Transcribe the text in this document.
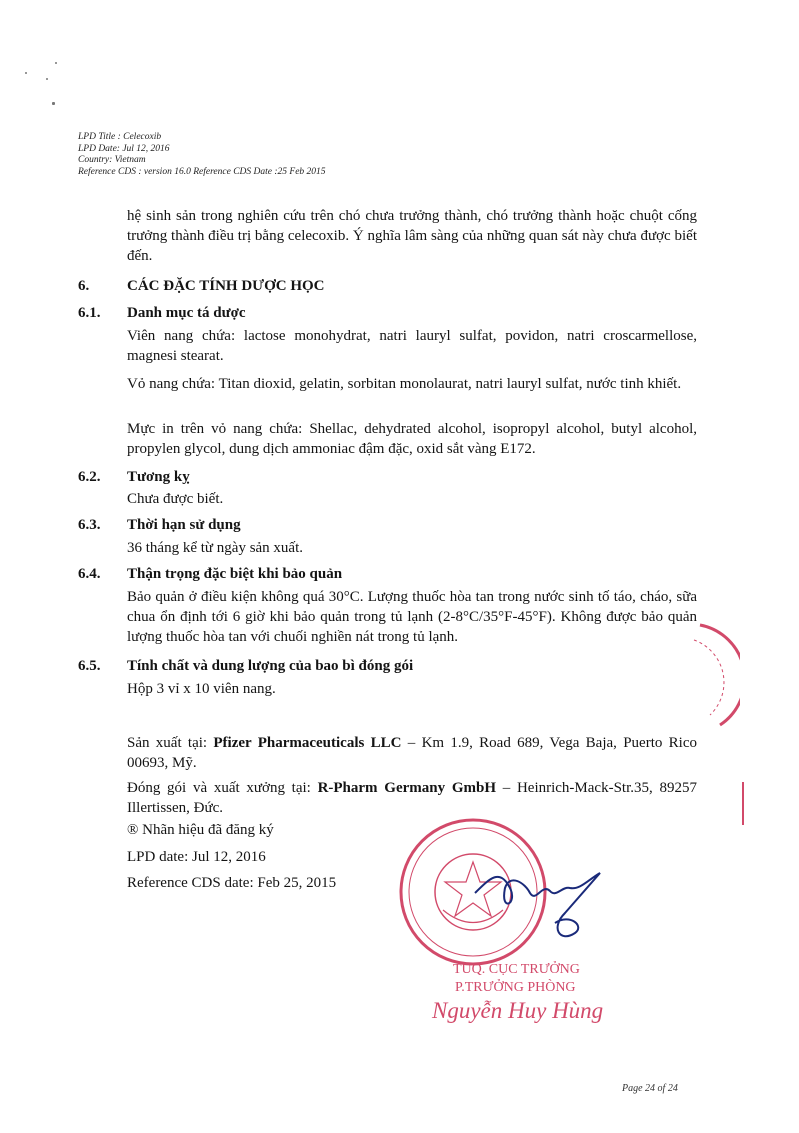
LPD Title : Celecoxib
LPD Date: Jul 12, 2016
Country: Vietnam
Reference CDS : version 16.0 Reference CDS Date :25 Feb 2015
hệ sinh sản trong nghiên cứu trên chó chưa trưởng thành, chó trưởng thành hoặc chuột cống trưởng thành điều trị bằng celecoxib. Ý nghĩa lâm sàng của những quan sát này chưa được biết đến.
6.	CÁC ĐẶC TÍNH DƯỢC HỌC
6.1. Danh mục tá dược
Viên nang chứa: lactose monohydrat, natri lauryl sulfat, povidon, natri croscarmellose, magnesi stearat.
Vỏ nang chứa: Titan dioxid, gelatin, sorbitan monolaurat, natri lauryl sulfat, nước tinh khiết.
Mực in trên vỏ nang chứa: Shellac, dehydrated alcohol, isopropyl alcohol, butyl alcohol, propylen glycol, dung dịch ammoniac đậm đặc, oxid sắt vàng E172.
6.2. Tương kỵ
Chưa được biết.
6.3. Thời hạn sử dụng
36 tháng kể từ ngày sản xuất.
6.4. Thận trọng đặc biệt khi bảo quản
Bảo quản ở điều kiện không quá 30°C. Lượng thuốc hòa tan trong nước sinh tố táo, cháo, sữa chua ổn định tới 6 giờ khi bảo quản trong tủ lạnh (2-8°C/35°F-45°F). Không được bảo quản lượng thuốc hòa tan với chuối nghiền nát trong tủ lạnh.
6.5. Tính chất và dung lượng của bao bì đóng gói
Hộp 3 vỉ x 10 viên nang.
Sản xuất tại: Pfizer Pharmaceuticals LLC – Km 1.9, Road 689, Vega Baja, Puerto Rico 00693, Mỹ.
Đóng gói và xuất xưởng tại: R-Pharm Germany GmbH – Heinrich-Mack-Str.35, 89257 Illertissen, Đức.
® Nhãn hiệu đã đăng ký
LPD date: Jul 12, 2016
Reference CDS date: Feb 25, 2015
TUQ. CỤC TRƯỞNG
P.TRƯỞNG PHÒNG
Nguyễn Huy Hùng
Page 24 of 24
